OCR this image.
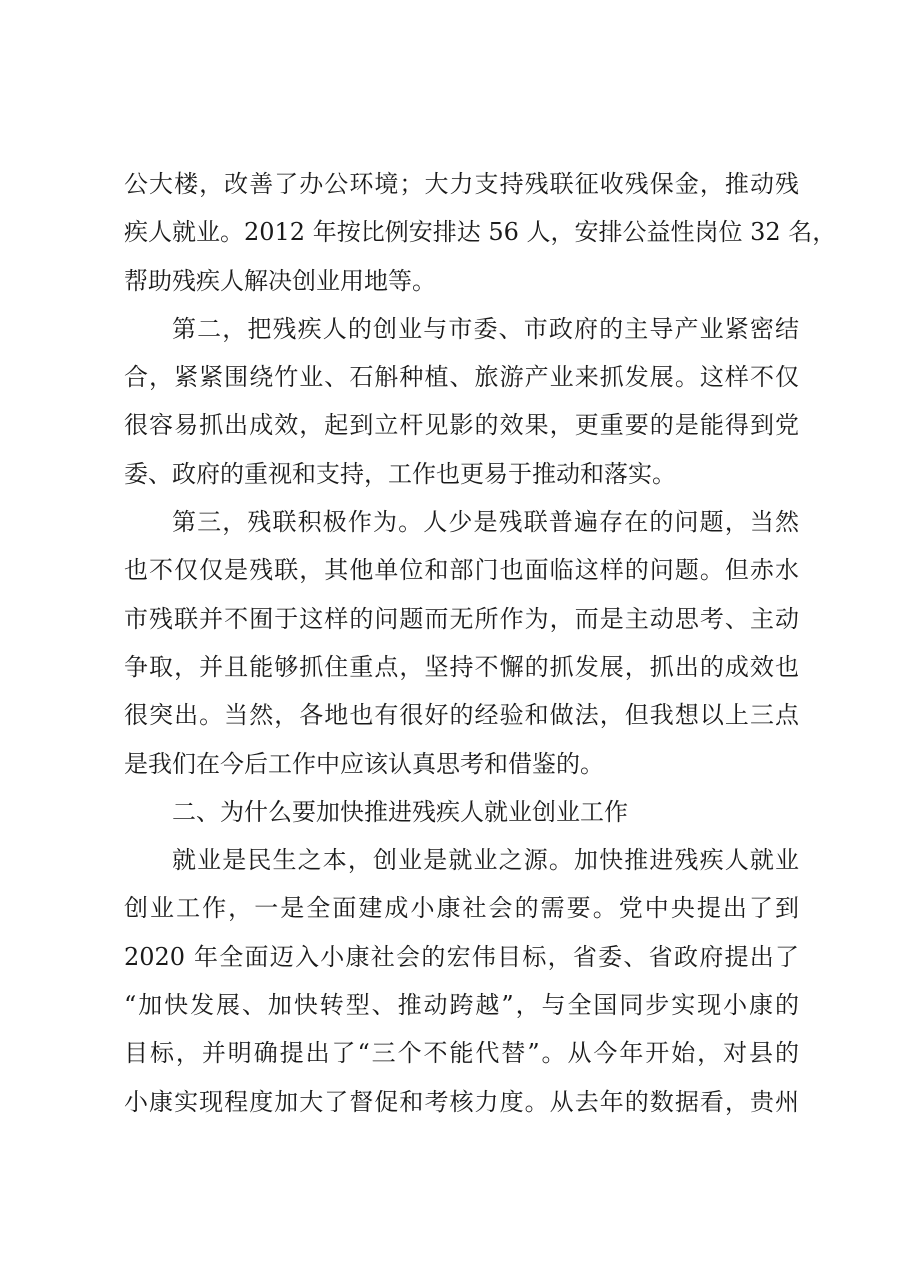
公大楼，改善了办公环境；大力支持残联征收残保金，推动残
疾人就业。2012 年按比例安排达 56 人，安排公益性岗位 32 名，
帮助残疾人解决创业用地等。
第二，把残疾人的创业与市委、市政府的主导产业紧密结
合，紧紧围绕竹业、石斛种植、旅游产业来抓发展。这样不仅
很容易抓出成效，起到立杆见影的效果，更重要的是能得到党
委、政府的重视和支持，工作也更易于推动和落实。
第三，残联积极作为。人少是残联普遍存在的问题，当然
也不仅仅是残联，其他单位和部门也面临这样的问题。但赤水
市残联并不囿于这样的问题而无所作为，而是主动思考、主动
争取，并且能够抓住重点，坚持不懈的抓发展，抓出的成效也
很突出。当然，各地也有很好的经验和做法，但我想以上三点
是我们在今后工作中应该认真思考和借鉴的。
二、为什么要加快推进残疾人就业创业工作
就业是民生之本，创业是就业之源。加快推进残疾人就业
创业工作，一是全面建成小康社会的需要。党中央提出了到
2020 年全面迈入小康社会的宏伟目标，省委、省政府提出了
“加快发展、加快转型、推动跨越”，与全国同步实现小康的
目标，并明确提出了“三个不能代替”。从今年开始，对县的
小康实现程度加大了督促和考核力度。从去年的数据看，贵州
